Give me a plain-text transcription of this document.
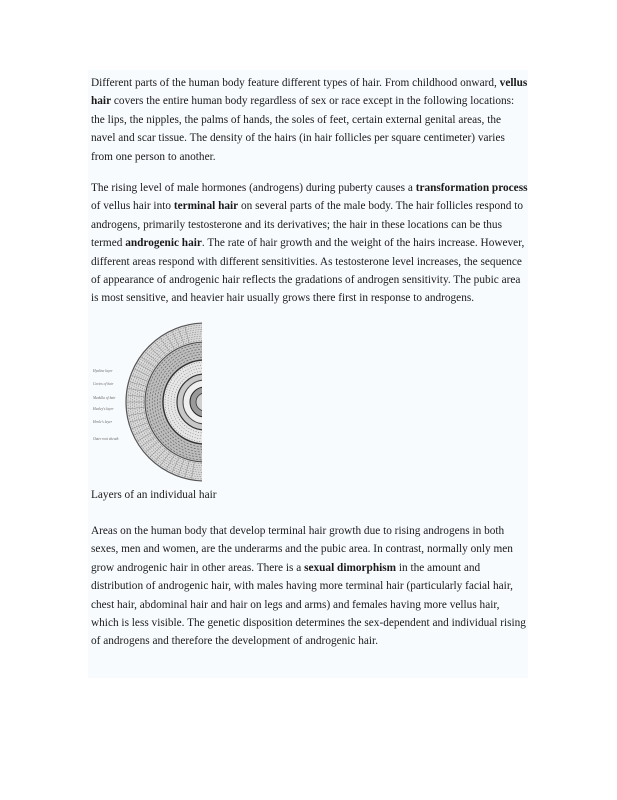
Different parts of the human body feature different types of hair. From childhood onward, vellus hair covers the entire human body regardless of sex or race except in the following locations: the lips, the nipples, the palms of hands, the soles of feet, certain external genital areas, the navel and scar tissue. The density of the hairs (in hair follicles per square centimeter) varies from one person to another.

The rising level of male hormones (androgens) during puberty causes a transformation process of vellus hair into terminal hair on several parts of the male body. The hair follicles respond to androgens, primarily testosterone and its derivatives; the hair in these locations can be thus termed androgenic hair. The rate of hair growth and the weight of the hairs increase. However, different areas respond with different sensitivities. As testosterone level increases, the sequence of appearance of androgenic hair reflects the gradations of androgen sensitivity. The pubic area is most sensitive, and heavier hair usually grows there first in response to androgens.

Hyaline layer
Cortex of hair
Medulla of hair
Huxley's layer
Henle's layer
Outer root sheath

Layers of an individual hair

Areas on the human body that develop terminal hair growth due to rising androgens in both sexes, men and women, are the underarms and the pubic area. In contrast, normally only men grow androgenic hair in other areas. There is a sexual dimorphism in the amount and distribution of androgenic hair, with males having more terminal hair (particularly facial hair, chest hair, abdominal hair and hair on legs and arms) and females having more vellus hair, which is less visible. The genetic disposition determines the sex-dependent and individual rising of androgens and therefore the development of androgenic hair.
